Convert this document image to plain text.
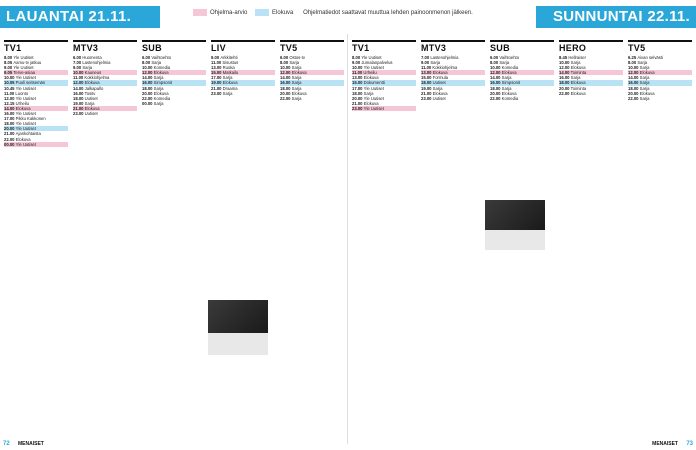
LAUANTAI 21.11.	Ohjelma-arvio	Elokuva Ohjelmatiedot saattavat muuttua lehden painoonmenon jälkeen.	SUNNUNTAI 22.11.
TV1
8.00 Yle Uutiset
8.05 Aamu-tv jatkuu
9.00 Yle Uutiset
9.05 Terve-asiaa
10.00 Yle Uutiset
10.05 Puoli seitsemän
10.45 Yle Uutiset
11.00 Luonto
12.00 Yle Uutiset
12.15 Urheilu
14.00 Elokuva
16.00 Yle Uutiset
17.00 Pikku Kakkonen
18.00 Yle Uutiset
20.00 Yle Uutiset
21.00 Ajankohtaista
22.00 Elokuva
00.00 Yle Uutiset
MTV3
6.00 Huomenta
7.00 Lastenohjelmia
9.00 Sarja
10.00 Kauneus
11.00 Kokkiohjelma
12.00 Elokuva
14.00 Jalkapallo
16.00 Tositv
18.00 Uutiset
19.00 Sarja
21.00 Elokuva
23.00 Uutiset
SUB
6.00 Vaihtoehto
8.00 Sarja
10.00 Komedia
12.00 Elokuva
14.00 Sarja
16.00 Simpsonit
18.00 Sarja
20.00 Elokuva
22.00 Komedia
00.00 Sarja
LIV
9.00 Arkkitehti
11.00 Sisustus
13.00 Ruoka
15.00 Matkailu
17.00 Sarja
19.00 Elokuva
21.00 Draama
23.00 Sarja
TV5
6.00 Ostos-tv
8.00 Sarja
10.00 Sarja
12.00 Elokuva
14.00 Sarja
16.00 Sarja
18.00 Sarja
20.00 Elokuva
22.00 Sarja
TV1
8.00 Yle Uutiset
9.00 Jumalanpalvelus
10.00 Yle Uutiset
11.00 Urheilu
13.00 Elokuva
15.00 Dokumentti
17.00 Yle Uutiset
18.00 Sarja
20.00 Yle Uutiset
21.00 Elokuva
23.00 Yle Uutiset
MTV3
7.00 Lastenohjelmia
9.00 Sarja
11.00 Kokkiohjelma
13.00 Elokuva
15.00 Formula
18.00 Uutiset
19.00 Sarja
21.00 Elokuva
23.00 Uutiset
SUB
6.00 Vaihtoehto
8.00 Sarja
10.00 Komedia
12.00 Elokuva
14.00 Sarja
16.00 Simpsonit
18.00 Sarja
20.00 Elokuva
22.00 Komedia
HERO
8.45 Hellraiser
10.00 Sarja
12.00 Elokuva
14.00 Toiminta
16.00 Sarja
18.00 Elokuva
20.00 Toiminta
22.00 Elokuva
TV5
6.25 Aivan selvästi
8.00 Sarja
10.00 Sarja
12.00 Elokuva
14.00 Sarja
16.00 Sarja
18.00 Sarja
20.00 Elokuva
22.00 Sarja
72 MENAISET	MENAISET 73
